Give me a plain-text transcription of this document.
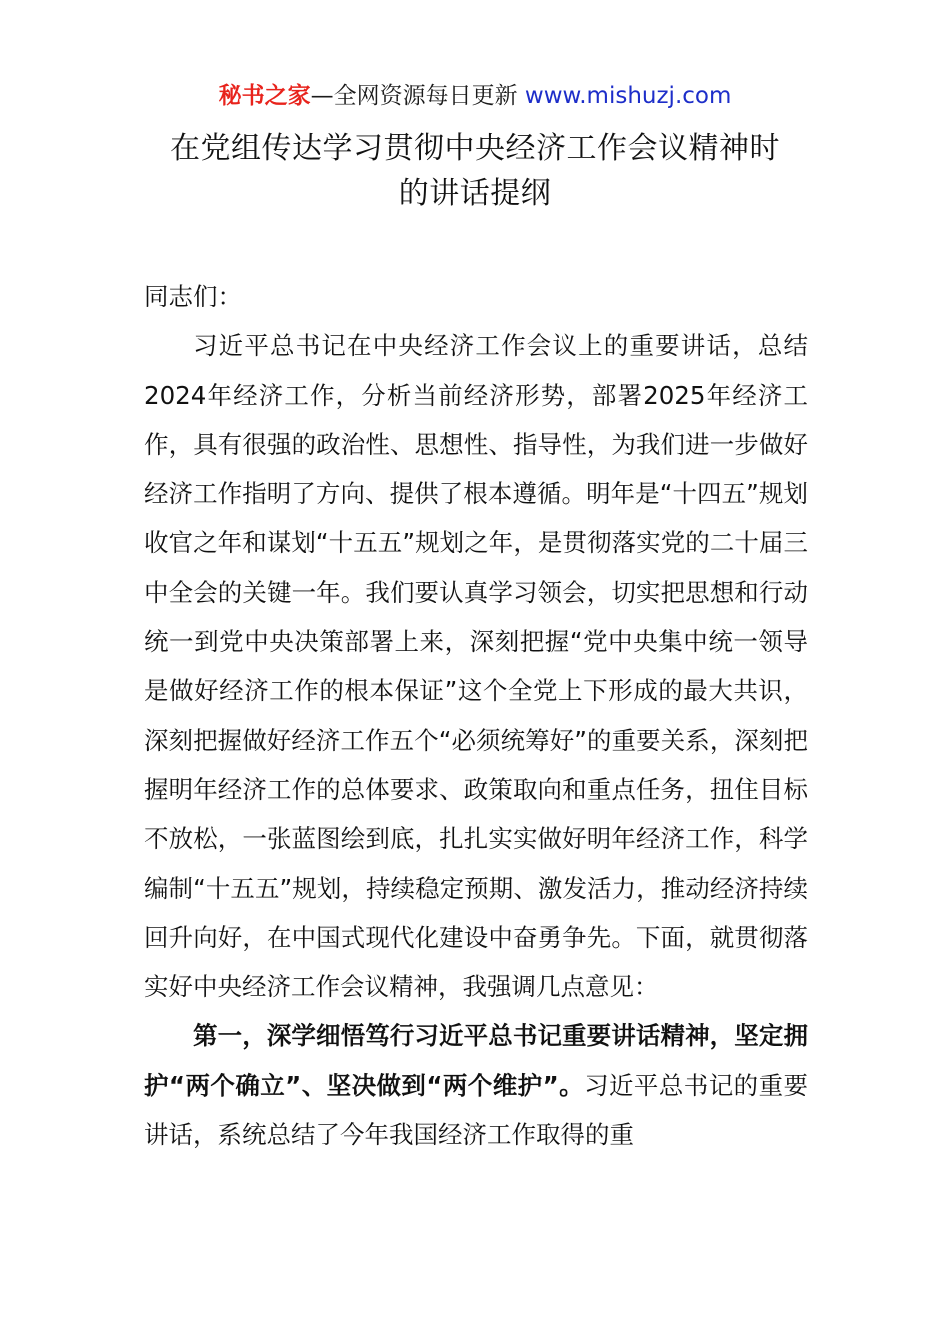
秘书之家—全网资源每日更新 www.mishuzj.com
在党组传达学习贯彻中央经济工作会议精神时
的讲话提纲

同志们：

习近平总书记在中央经济工作会议上的重要讲话，总结2024年经济工作，分析当前经济形势，部署2025年经济工作，具有很强的政治性、思想性、指导性，为我们进一步做好经济工作指明了方向、提供了根本遵循。明年是“十四五”规划收官之年和谋划“十五五”规划之年，是贯彻落实党的二十届三中全会的关键一年。我们要认真学习领会，切实把思想和行动统一到党中央决策部署上来，深刻把握“党中央集中统一领导是做好经济工作的根本保证”这个全党上下形成的最大共识，深刻把握做好经济工作五个“必须统筹好”的重要关系，深刻把握明年经济工作的总体要求、政策取向和重点任务，扭住目标不放松，一张蓝图绘到底，扎扎实实做好明年经济工作，科学编制“十五五”规划，持续稳定预期、激发活力，推动经济持续回升向好，在中国式现代化建设中奋勇争先。下面，就贯彻落实好中央经济工作会议精神，我强调几点意见：

第一，深学细悟笃行习近平总书记重要讲话精神，坚定拥护“两个确立”、坚决做到“两个维护”。习近平总书记的重要讲话，系统总结了今年我国经济工作取得的重
